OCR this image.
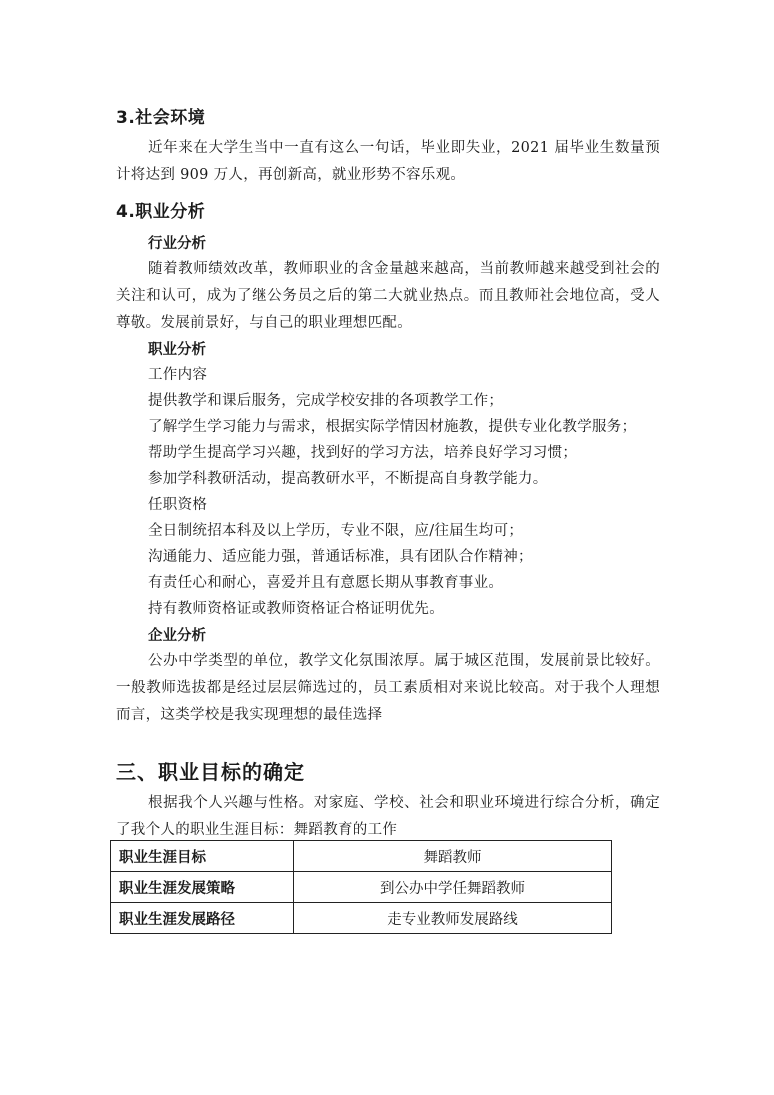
3.社会环境
近年来在大学生当中一直有这么一句话，毕业即失业，2021 届毕业生数量预计将达到 909 万人，再创新高，就业形势不容乐观。
4.职业分析
行业分析
随着教师绩效改革，教师职业的含金量越来越高，当前教师越来越受到社会的关注和认可，成为了继公务员之后的第二大就业热点。而且教师社会地位高，受人尊敬。发展前景好，与自己的职业理想匹配。
职业分析
工作内容
提供教学和课后服务，完成学校安排的各项教学工作；
了解学生学习能力与需求，根据实际学情因材施教，提供专业化教学服务；
帮助学生提高学习兴趣，找到好的学习方法，培养良好学习习惯；
参加学科教研活动，提高教研水平，不断提高自身教学能力。
任职资格
全日制统招本科及以上学历，专业不限，应/往届生均可；
沟通能力、适应能力强，普通话标准，具有团队合作精神；
有责任心和耐心，喜爱并且有意愿长期从事教育事业。
持有教师资格证或教师资格证合格证明优先。
企业分析
公办中学类型的单位，教学文化氛围浓厚。属于城区范围，发展前景比较好。一般教师选拔都是经过层层筛选过的，员工素质相对来说比较高。对于我个人理想而言，这类学校是我实现理想的最佳选择
三、职业目标的确定
根据我个人兴趣与性格。对家庭、学校、社会和职业环境进行综合分析，确定了我个人的职业生涯目标：舞蹈教育的工作
职业生涯目标	舞蹈教师
职业生涯发展策略	到公办中学任舞蹈教师
职业生涯发展路径	走专业教师发展路线
